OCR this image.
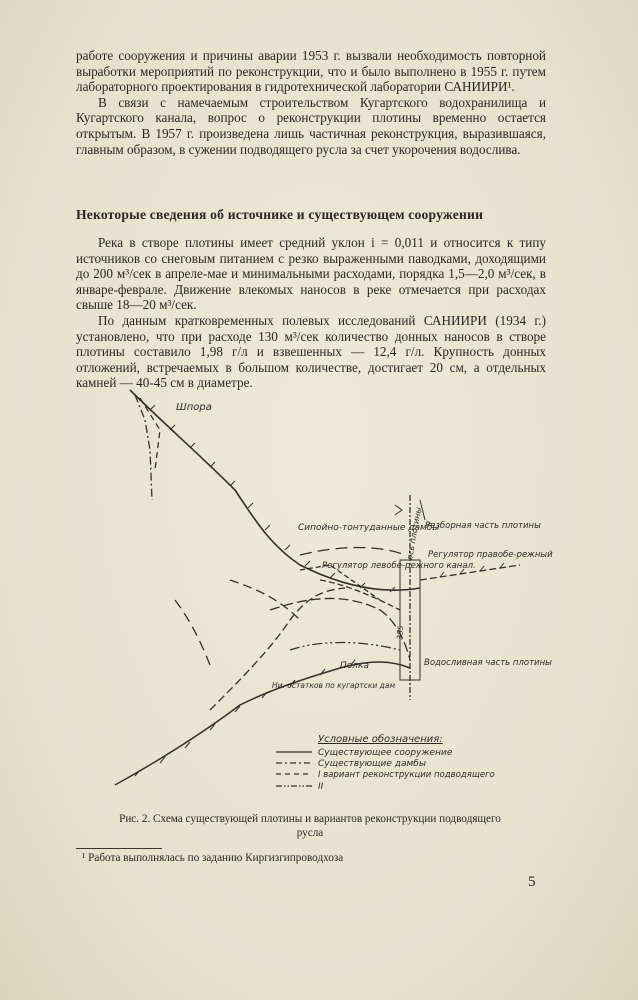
работе сооружения и причины аварии 1953 г. вызвали необходимость повторной выработки мероприятий по реконструкции, что и было выполнено в 1955 г. путем лабораторного проектирования в гидротехнической лаборатории САНИИРИ¹.

В связи с намечаемым строительством Кугартского водохранилища и Кугартского канала, вопрос о реконструкции плотины временно остается открытым. В 1957 г. произведена лишь частичная реконструкция, выразившаяся, главным образом, в сужении подводящего русла за счет укорочения водослива.

Некоторые сведения об источнике и существующем сооружении

Река в створе плотины имеет средний уклон i = 0,011 и относится к типу источников со снеговым питанием с резко выраженными паводками, доходящими до 200 м³/сек в апреле-мае и минимальными расходами, порядка 1,5—2,0 м³/сек, в январе-феврале. Движение влекомых наносов в реке отмечается при расходах свыше 18—20 м³/сек.

По данным кратковременных полевых исследований САНИИРИ (1934 г.) установлено, что при расходе 130 м³/сек количество донных наносов в створе плотины составило 1,98 г/л и взвешенных — 12,4 г/л. Крупность донных отложений, встречаемых в большом количестве, достигает 20 см, а отдельных камней — 40-45 см в диаметре.

Шпора
Сипойно-тонтуданные дамбы
ось плотины Резборная часть плотины
Регулятор правобе-режный
Регулятор левобе-режного канал.
Полка	Водосливная часть плотины
Ни. остатков по кугартски дам
355
Условные обозначения:
Существующее сооружение
Существующие дамбы
I вариант реконструкции подводящего
II
Рис. 2. Схема существующей плотины и вариантов реконструкции подводящего русла
¹ Работа выполнялась по заданию Киргизгипроводхоза
5
